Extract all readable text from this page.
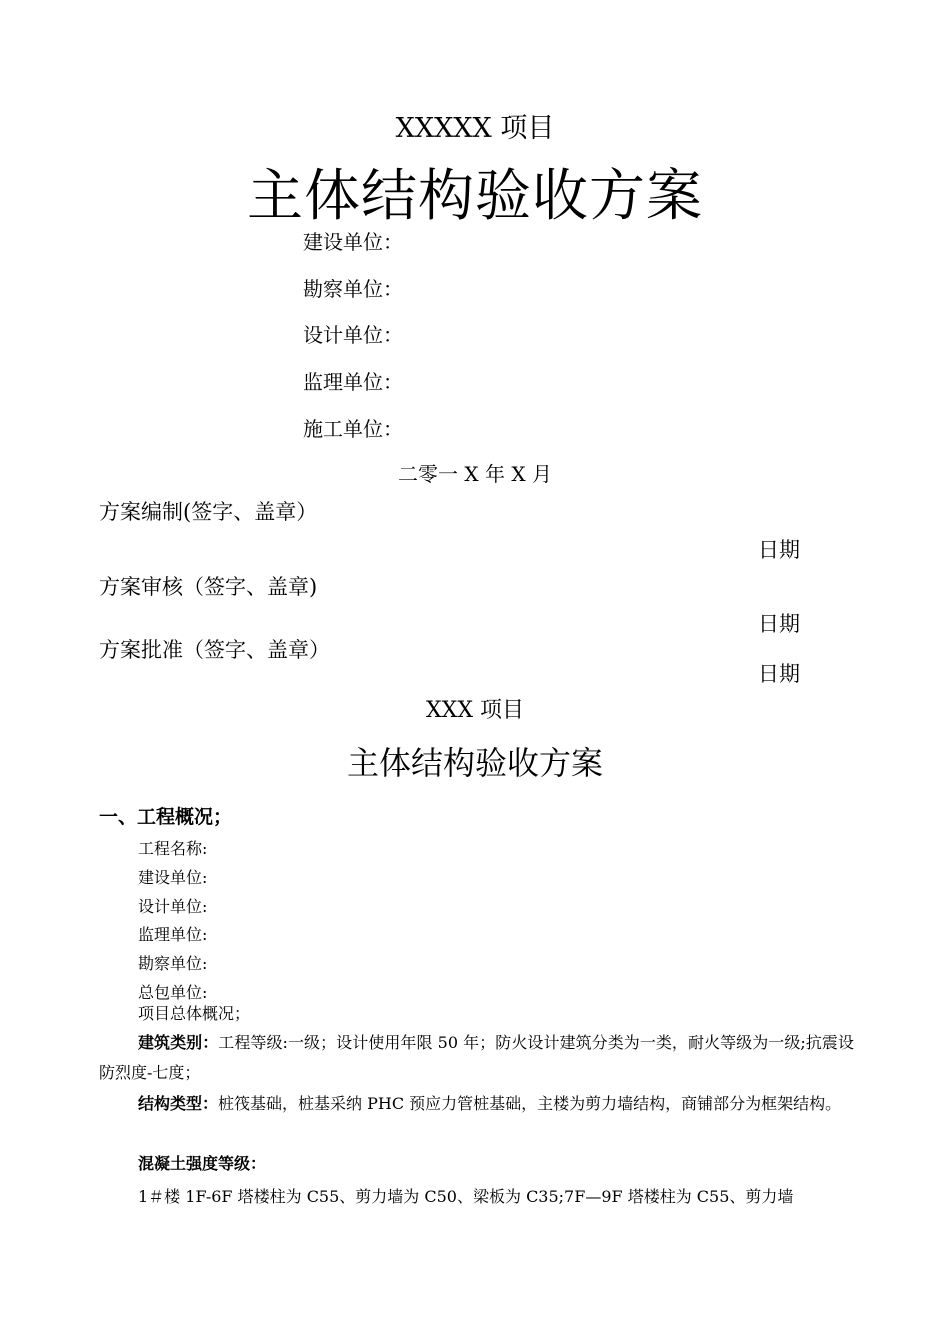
XXXXX 项目
主体结构验收方案
建设单位：
勘察单位：
设计单位：
监理单位：
施工单位：
二零一 X 年 X 月
方案编制(签字、盖章）
日期
方案审核（签字、盖章)
日期
方案批准（签字、盖章）
日期
XXX 项目
主体结构验收方案
一、工程概况；
工程名称:
建设单位:
设计单位:
监理单位:
勘察单位:
总包单位:
项目总体概况；
建筑类别：工程等级:一级；设计使用年限 50 年；防火设计建筑分类为一类，耐火等级为一级;抗震设防烈度-七度；
结构类型：桩筏基础，桩基采纳 PHC 预应力管桩基础，主楼为剪力墙结构，商铺部分为框架结构。
混凝土强度等级：
1＃楼 1F-6F 塔楼柱为 C55、剪力墙为 C50、梁板为 C35;7F—9F 塔楼柱为 C55、剪力墙
